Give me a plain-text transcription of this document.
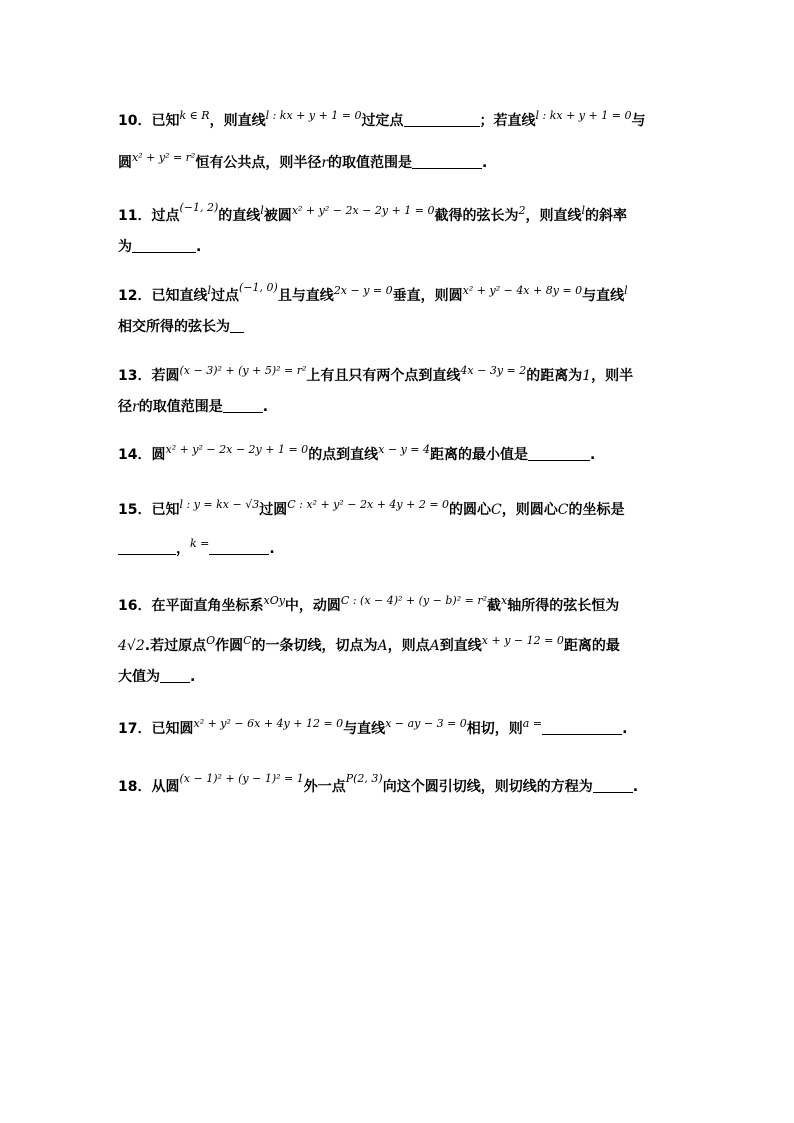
10．已知$^{k \in R}$，则直线$^{l : kx + y + 1 = 0}$过定点	；若直线$^{l : kx + y + 1 = 0}$与
圆$^{x^2 + y^2 = r^2}$恒有公共点，则半径r的取值范围是	.
11．过点$^{(-1, 2)}$的直线$^l$被圆$^{x^2 + y^2 - 2x - 2y + 1 = 0}$截得的弦长为$^2$，则直线$^l$的斜率
为	.
12．已知直线$^l$过点$^{(-1, 0)}$且与直线$^{2x - y = 0}$垂直，则圆$^{x^2 + y^2 - 4x + 8y = 0}$与直线$^l$
相交所得的弦长为
13．若圆$^{(x - 3)^2 + (y + 5)^2 = r^2}$上有且只有两个点到直线$^{4x - 3y = 2}$的距离为1，则半
径r的取值范围是	.
14．圆$^{x^2 + y^2 - 2x - 2y + 1 = 0}$的点到直线$^{x - y = 4}$距离的最小值是	.
15．已知$^{l : y = kx - √3}$过圆$^{C : x^2 + y^2 - 2x + 4y + 2 = 0}$的圆心C，则圆心C的坐标是
，$^{k =}$	.
16．在平面直角坐标系$^{xOy}$中，动圆$^{C : (x - 4)^2 + (y - b)^2 = r^2}$截$^x$轴所得的弦长恒为
4√2.若过原点$^O$作圆$^C$的一条切线，切点为A，则点A到直线$^{x + y - 12 = 0}$距离的最
大值为 .
17．已知圆$^{x^2 + y^2 - 6x + 4y + 12 = 0}$与直线$^{x - ay - 3 = 0}$相切，则$^{a =}$	.
18．从圆$^{(x - 1)^2 + (y - 1)^2 = 1}$外一点$^{P(2, 3)}$向这个圆引切线，则切线的方程为	.
